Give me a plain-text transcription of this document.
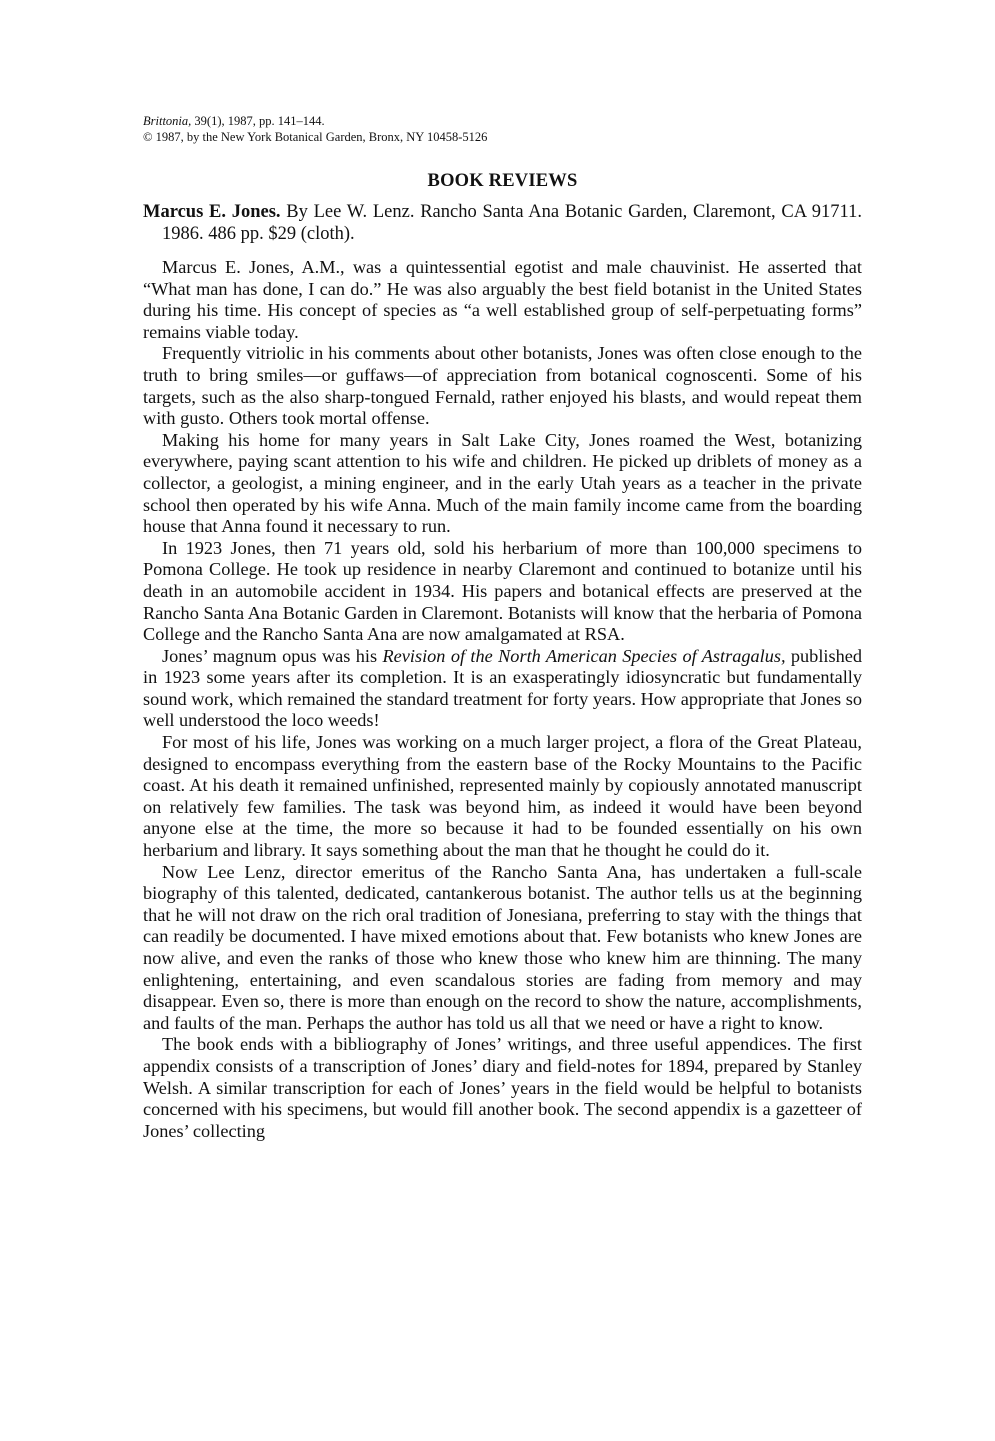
Brittonia, 39(1), 1987, pp. 141–144.

© 1987, by the New York Botanical Garden, Bronx, NY 10458-5126

BOOK REVIEWS

Marcus E. Jones. By Lee W. Lenz. Rancho Santa Ana Botanic Garden, Claremont, CA 91711. 1986. 486 pp. $29 (cloth).

Marcus E. Jones, A.M., was a quintessential egotist and male chauvinist. He asserted that “What man has done, I can do.” He was also arguably the best field botanist in the United States during his time. His concept of species as “a well established group of self-perpetuating forms” remains viable today.

Frequently vitriolic in his comments about other botanists, Jones was often close enough to the truth to bring smiles—or guffaws—of appreciation from botanical cognoscenti. Some of his targets, such as the also sharp-tongued Fernald, rather enjoyed his blasts, and would repeat them with gusto. Others took mortal offense.

Making his home for many years in Salt Lake City, Jones roamed the West, botanizing everywhere, paying scant attention to his wife and children. He picked up driblets of money as a collector, a geologist, a mining engineer, and in the early Utah years as a teacher in the private school then operated by his wife Anna. Much of the main family income came from the boarding house that Anna found it necessary to run.

In 1923 Jones, then 71 years old, sold his herbarium of more than 100,000 specimens to Pomona College. He took up residence in nearby Claremont and continued to botanize until his death in an automobile accident in 1934. His papers and botanical effects are preserved at the Rancho Santa Ana Botanic Garden in Claremont. Botanists will know that the herbaria of Pomona College and the Rancho Santa Ana are now amalgamated at RSA.

Jones’ magnum opus was his Revision of the North American Species of Astragalus, published in 1923 some years after its completion. It is an exasperatingly idiosyncratic but fundamentally sound work, which remained the standard treatment for forty years. How appropriate that Jones so well understood the loco weeds!

For most of his life, Jones was working on a much larger project, a flora of the Great Plateau, designed to encompass everything from the eastern base of the Rocky Mountains to the Pacific coast. At his death it remained unfinished, represented mainly by copiously annotated manuscript on relatively few families. The task was beyond him, as indeed it would have been beyond anyone else at the time, the more so because it had to be founded essentially on his own herbarium and library. It says something about the man that he thought he could do it.

Now Lee Lenz, director emeritus of the Rancho Santa Ana, has undertaken a full-scale biography of this talented, dedicated, cantankerous botanist. The author tells us at the beginning that he will not draw on the rich oral tradition of Jonesiana, preferring to stay with the things that can readily be documented. I have mixed emotions about that. Few botanists who knew Jones are now alive, and even the ranks of those who knew those who knew him are thinning. The many enlightening, entertaining, and even scandalous stories are fading from memory and may disappear. Even so, there is more than enough on the record to show the nature, accomplishments, and faults of the man. Perhaps the author has told us all that we need or have a right to know.

The book ends with a bibliography of Jones’ writings, and three useful appendices. The first appendix consists of a transcription of Jones’ diary and field-notes for 1894, prepared by Stanley Welsh. A similar transcription for each of Jones’ years in the field would be helpful to botanists concerned with his specimens, but would fill another book. The second appendix is a gazetteer of Jones’ collecting
